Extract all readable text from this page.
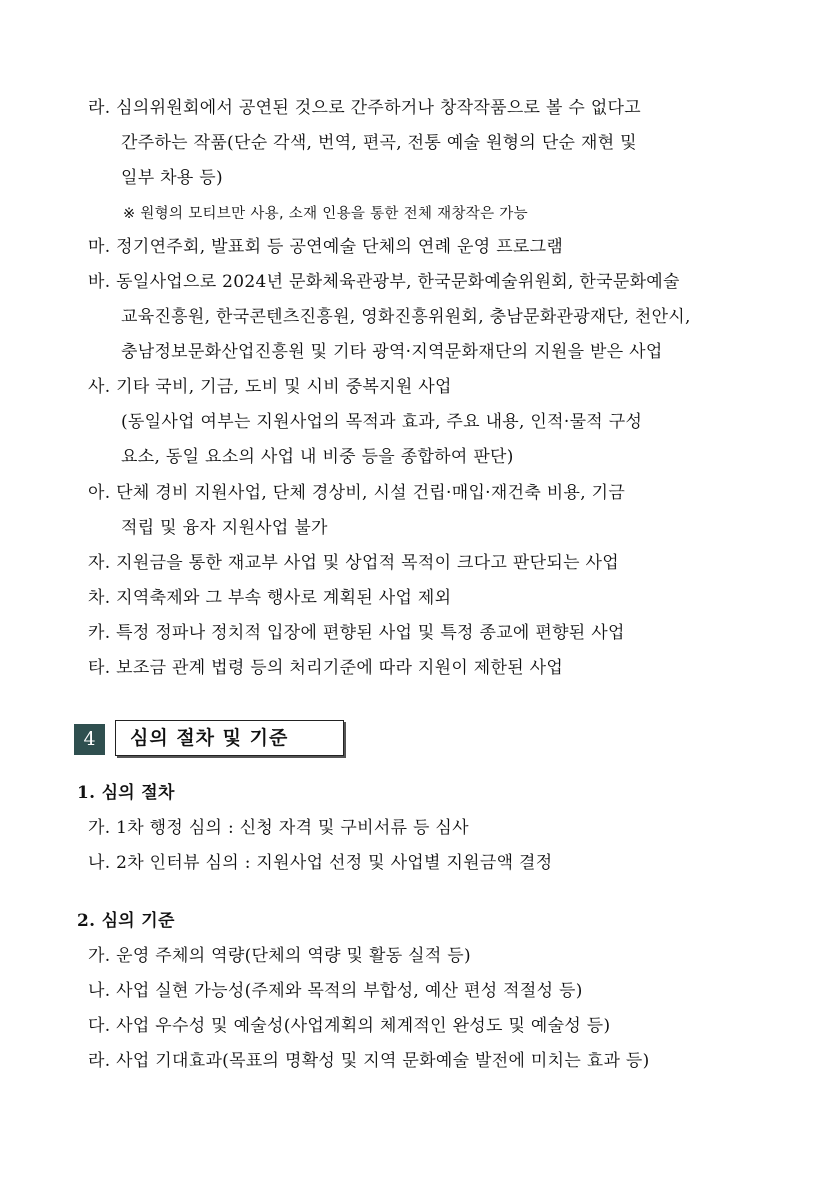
라. 심의위원회에서 공연된 것으로 간주하거나 창작작품으로 볼 수 없다고
간주하는 작품(단순 각색, 번역, 편곡, 전통 예술 원형의 단순 재현 및
일부 차용 등)
※ 원형의 모티브만 사용, 소재 인용을 통한 전체 재창작은 가능
마. 정기연주회, 발표회 등 공연예술 단체의 연례 운영 프로그램
바. 동일사업으로 2024년 문화체육관광부, 한국문화예술위원회, 한국문화예술
교육진흥원, 한국콘텐츠진흥원, 영화진흥위원회, 충남문화관광재단, 천안시,
충남정보문화산업진흥원 및 기타 광역·지역문화재단의 지원을 받은 사업
사. 기타 국비, 기금, 도비 및 시비 중복지원 사업
(동일사업 여부는 지원사업의 목적과 효과, 주요 내용, 인적·물적 구성
요소, 동일 요소의 사업 내 비중 등을 종합하여 판단)
아. 단체 경비 지원사업, 단체 경상비, 시설 건립·매입·재건축 비용, 기금
적립 및 융자 지원사업 불가
자. 지원금을 통한 재교부 사업 및 상업적 목적이 크다고 판단되는 사업
차. 지역축제와 그 부속 행사로 계획된 사업 제외
카. 특정 정파나 정치적 입장에 편향된 사업 및 특정 종교에 편향된 사업
타. 보조금 관계 법령 등의 처리기준에 따라 지원이 제한된 사업
4	심의 절차 및 기준
1. 심의 절차
가. 1차 행정 심의 : 신청 자격 및 구비서류 등 심사
나. 2차 인터뷰 심의 : 지원사업 선정 및 사업별 지원금액 결정
2. 심의 기준
가. 운영 주체의 역량(단체의 역량 및 활동 실적 등)
나. 사업 실현 가능성(주제와 목적의 부합성, 예산 편성 적절성 등)
다. 사업 우수성 및 예술성(사업계획의 체계적인 완성도 및 예술성 등)
라. 사업 기대효과(목표의 명확성 및 지역 문화예술 발전에 미치는 효과 등)
